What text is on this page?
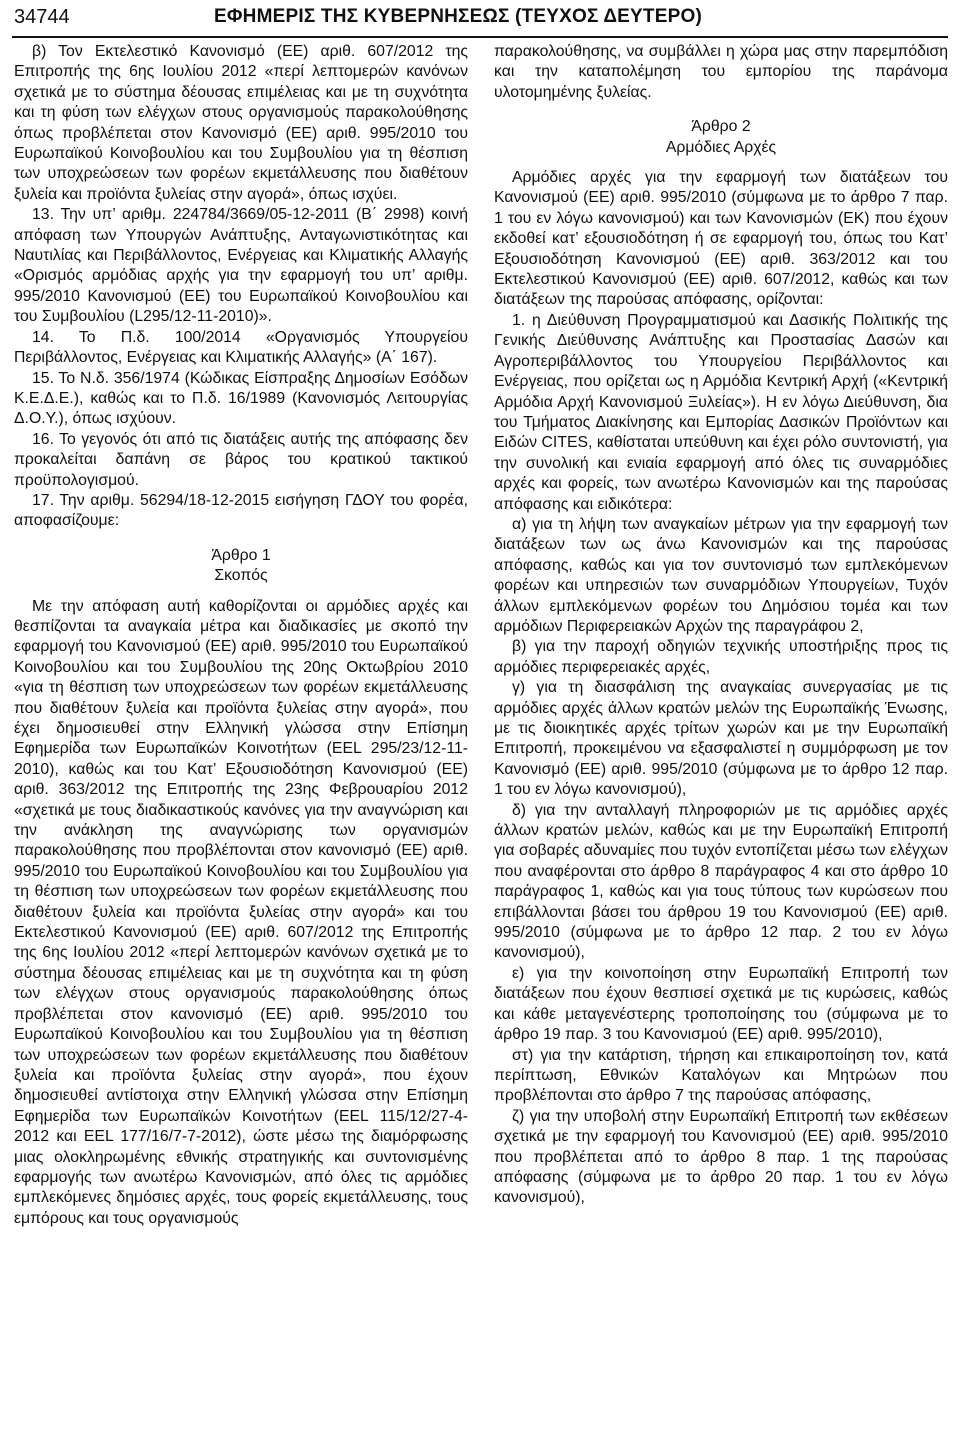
34744	ΕΦΗΜΕΡΙΣ ΤΗΣ ΚΥΒΕΡΝΗΣΕΩΣ (ΤΕΥΧΟΣ ΔΕΥΤΕΡΟ)

β) Τον Εκτελεστικό Κανονισμό (ΕΕ) αριθ. 607/2012 της Επιτροπής της 6ης Ιουλίου 2012 «περί λεπτομερών κανόνων σχετικά με το σύστημα δέουσας επιμέλειας και με τη συχνότητα και τη φύση των ελέγχων στους οργανισμούς παρακολούθησης όπως προβλέπεται στον Κανονισμό (ΕΕ) αριθ. 995/2010 του Ευρωπαϊκού Κοινοβουλίου και του Συμβουλίου για τη θέσπιση των υποχρεώσεων των φορέων εκμετάλλευσης που διαθέτουν ξυλεία και προϊόντα ξυλείας στην αγορά», όπως ισχύει.

13. Την υπ’ αριθμ. 224784/3669/05-12-2011 (Β΄ 2998) κοινή απόφαση των Υπουργών Ανάπτυξης, Ανταγωνιστικότητας και Ναυτιλίας και Περιβάλλοντος, Ενέργειας και Κλιματικής Αλλαγής «Ορισμός αρμόδιας αρχής για την εφαρμογή του υπ’ αριθμ. 995/2010 Κανονισμού (ΕΕ) του Ευρωπαϊκού Κοινοβουλίου και του Συμβουλίου (L295/12-11-2010)».

14. Το Π.δ. 100/2014 «Οργανισμός Υπουργείου Περιβάλλοντος, Ενέργειας και Κλιματικής Αλλαγής» (Α΄ 167).

15. Το Ν.δ. 356/1974 (Κώδικας Είσπραξης Δημοσίων Εσόδων Κ.Ε.Δ.Ε.), καθώς και το Π.δ. 16/1989 (Κανονισμός Λειτουργίας Δ.Ο.Υ.), όπως ισχύουν.

16. Το γεγονός ότι από τις διατάξεις αυτής της απόφασης δεν προκαλείται δαπάνη σε βάρος του κρατικού τακτικού προϋπολογισμού.

17. Την αριθμ. 56294/18-12-2015 εισήγηση ΓΔΟΥ του φορέα, αποφασίζουμε:

Άρθρο 1

Σκοπός

Με την απόφαση αυτή καθορίζονται οι αρμόδιες αρχές και θεσπίζονται τα αναγκαία μέτρα και διαδικασίες με σκοπό την εφαρμογή του Κανονισμού (ΕΕ) αριθ. 995/2010 του Ευρωπαϊκού Κοινοβουλίου και του Συμβουλίου της 20ης Οκτωβρίου 2010 «για τη θέσπιση των υποχρεώσεων των φορέων εκμετάλλευσης που διαθέτουν ξυλεία και προϊόντα ξυλείας στην αγορά», που έχει δημοσιευθεί στην Ελληνική γλώσσα στην Επίσημη Εφημερίδα των Ευρωπαϊκών Κοινοτήτων (EEL 295/23/12-11-2010), καθώς και του Κατ’ Εξουσιοδότηση Κανονισμού (ΕΕ) αριθ. 363/2012 της Επιτροπής της 23ης Φεβρουαρίου 2012 «σχετικά με τους διαδικαστικούς κανόνες για την αναγνώριση και την ανάκληση της αναγνώρισης των οργανισμών παρακολούθησης που προβλέπονται στον κανονισμό (ΕΕ) αριθ. 995/2010 του Ευρωπαϊκού Κοινοβουλίου και του Συμβουλίου για τη θέσπιση των υποχρεώσεων των φορέων εκμετάλλευσης που διαθέτουν ξυλεία και προϊόντα ξυλείας στην αγορά» και του Εκτελεστικού Κανονισμού (ΕΕ) αριθ. 607/2012 της Επιτροπής της 6ης Ιουλίου 2012 «περί λεπτομερών κανόνων σχετικά με το σύστημα δέουσας επιμέλειας και με τη συχνότητα και τη φύση των ελέγχων στους οργανισμούς παρακολούθησης όπως προβλέπεται στον κανονισμό (ΕΕ) αριθ. 995/2010 του Ευρωπαϊκού Κοινοβουλίου και του Συμβουλίου για τη θέσπιση των υποχρεώσεων των φορέων εκμετάλλευσης που διαθέτουν ξυλεία και προϊόντα ξυλείας στην αγορά», που έχουν δημοσιευθεί αντίστοιχα στην Ελληνική γλώσσα στην Επίσημη Εφημερίδα των Ευρωπαϊκών Κοινοτήτων (EEL 115/12/27-4-2012 και EEL 177/16/7-7-2012), ώστε μέσω της διαμόρφωσης μιας ολοκληρωμένης εθνικής στρατηγικής και συντονισμένης εφαρμογής των ανωτέρω Κανονισμών, από όλες τις αρμόδιες εμπλεκόμενες δημόσιες αρχές, τους φορείς εκμετάλλευσης, τους εμπόρους και τους οργανισμούς

παρακολούθησης, να συμβάλλει η χώρα μας στην παρεμπόδιση και την καταπολέμηση του εμπορίου της παράνομα υλοτομημένης ξυλείας.

Άρθρο 2

Αρμόδιες Αρχές

Αρμόδιες αρχές για την εφαρμογή των διατάξεων του Κανονισμού (ΕΕ) αριθ. 995/2010 (σύμφωνα με το άρθρο 7 παρ. 1 του εν λόγω κανονισμού) και των Κανονισμών (ΕΚ) που έχουν εκδοθεί κατ’ εξουσιοδότηση ή σε εφαρμογή του, όπως του Κατ’ Εξουσιοδότηση Κανονισμού (ΕΕ) αριθ. 363/2012 και του Εκτελεστικού Κανονισμού (ΕΕ) αριθ. 607/2012, καθώς και των διατάξεων της παρούσας απόφασης, ορίζονται:

1. η Διεύθυνση Προγραμματισμού και Δασικής Πολιτικής της Γενικής Διεύθυνσης Ανάπτυξης και Προστασίας Δασών και Αγροπεριβάλλοντος του Υπουργείου Περιβάλλοντος και Ενέργειας, που ορίζεται ως η Αρμόδια Κεντρική Αρχή («Κεντρική Αρμόδια Αρχή Κανονισμού Ξυλείας»). Η εν λόγω Διεύθυνση, δια του Τμήματος Διακίνησης και Εμπορίας Δασικών Προϊόντων και Ειδών CITES, καθίσταται υπεύθυνη και έχει ρόλο συντονιστή, για την συνολική και ενιαία εφαρμογή από όλες τις συναρμόδιες αρχές και φορείς, των ανωτέρω Κανονισμών και της παρούσας απόφασης και ειδικότερα:

α) για τη λήψη των αναγκαίων μέτρων για την εφαρμογή των διατάξεων των ως άνω Κανονισμών και της παρούσας απόφασης, καθώς και για τον συντονισμό των εμπλεκόμενων φορέων και υπηρεσιών των συναρμόδιων Υπουργείων, Τυχόν άλλων εμπλεκόμενων φορέων του Δημόσιου τομέα και των αρμόδιων Περιφερειακών Αρχών της παραγράφου 2,

β) για την παροχή οδηγιών τεχνικής υποστήριξης προς τις αρμόδιες περιφερειακές αρχές,

γ) για τη διασφάλιση της αναγκαίας συνεργασίας με τις αρμόδιες αρχές άλλων κρατών μελών της Ευρωπαϊκής Ένωσης, με τις διοικητικές αρχές τρίτων χωρών και με την Ευρωπαϊκή Επιτροπή, προκειμένου να εξασφαλιστεί η συμμόρφωση με τον Κανονισμό (ΕΕ) αριθ. 995/2010 (σύμφωνα με το άρθρο 12 παρ. 1 του εν λόγω κανονισμού),

δ) για την ανταλλαγή πληροφοριών με τις αρμόδιες αρχές άλλων κρατών μελών, καθώς και με την Ευρωπαϊκή Επιτροπή για σοβαρές αδυναμίες που τυχόν εντοπίζεται μέσω των ελέγχων που αναφέρονται στο άρθρο 8 παράγραφος 4 και στο άρθρο 10 παράγραφος 1, καθώς και για τους τύπους των κυρώσεων που επιβάλλονται βάσει του άρθρου 19 του Κανονισμού (ΕΕ) αριθ. 995/2010 (σύμφωνα με το άρθρο 12 παρ. 2 του εν λόγω κανονισμού),

ε) για την κοινοποίηση στην Ευρωπαϊκή Επιτροπή των διατάξεων που έχουν θεσπισεί σχετικά με τις κυρώσεις, καθώς και κάθε μεταγενέστερης τροποποίησης του (σύμφωνα με το άρθρο 19 παρ. 3 του Κανονισμού (ΕΕ) αριθ. 995/2010),

στ) για την κατάρτιση, τήρηση και επικαιροποίηση τον, κατά περίπτωση, Εθνικών Καταλόγων και Μητρώων που προβλέπονται στο άρθρο 7 της παρούσας απόφασης,

ζ) για την υποβολή στην Ευρωπαϊκή Επιτροπή των εκθέσεων σχετικά με την εφαρμογή του Κανονισμού (ΕΕ) αριθ. 995/2010 που προβλέπεται από το άρθρο 8 παρ. 1 της παρούσας απόφασης (σύμφωνα με το άρθρο 20 παρ. 1 του εν λόγω κανονισμού),
